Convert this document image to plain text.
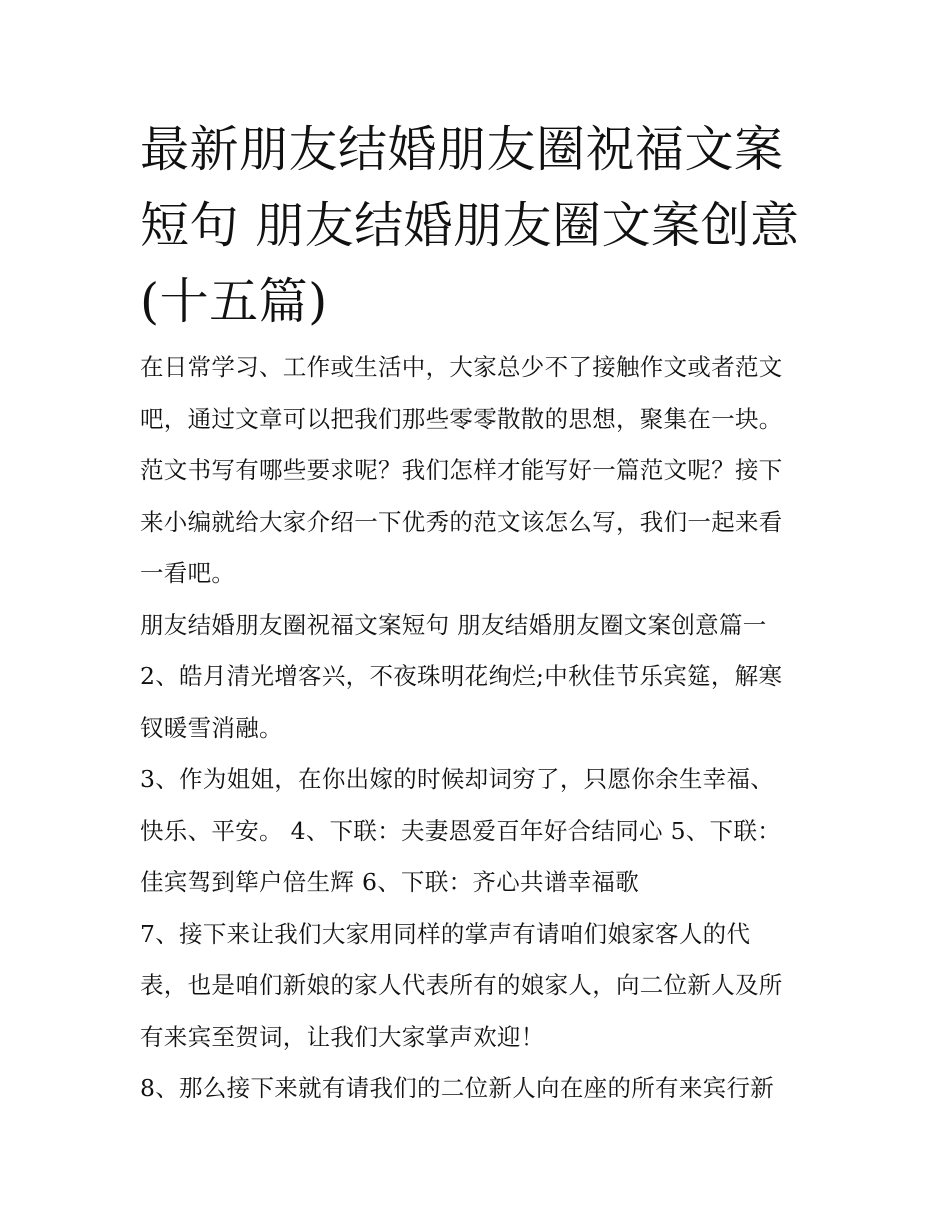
最新朋友结婚朋友圈祝福文案
短句 朋友结婚朋友圈文案创意
(十五篇)

在日常学习、工作或生活中，大家总少不了接触作文或者范文
吧，通过文章可以把我们那些零零散散的思想，聚集在一块。
范文书写有哪些要求呢？我们怎样才能写好一篇范文呢？接下
来小编就给大家介绍一下优秀的范文该怎么写，我们一起来看
一看吧。

朋友结婚朋友圈祝福文案短句 朋友结婚朋友圈文案创意篇一

2、皓月清光增客兴，不夜珠明花绚烂;中秋佳节乐宾筵，解寒
钗暖雪消融。

3、作为姐姐，在你出嫁的时候却词穷了，只愿你余生幸福、
快乐、平安。 4、下联：夫妻恩爱百年好合结同心 5、下联：
佳宾驾到筚户倍生辉 6、下联：齐心共谱幸福歌

7、接下来让我们大家用同样的掌声有请咱们娘家客人的代
表，也是咱们新娘的家人代表所有的娘家人，向二位新人及所
有来宾至贺词，让我们大家掌声欢迎！

8、那么接下来就有请我们的二位新人向在座的所有来宾行新
